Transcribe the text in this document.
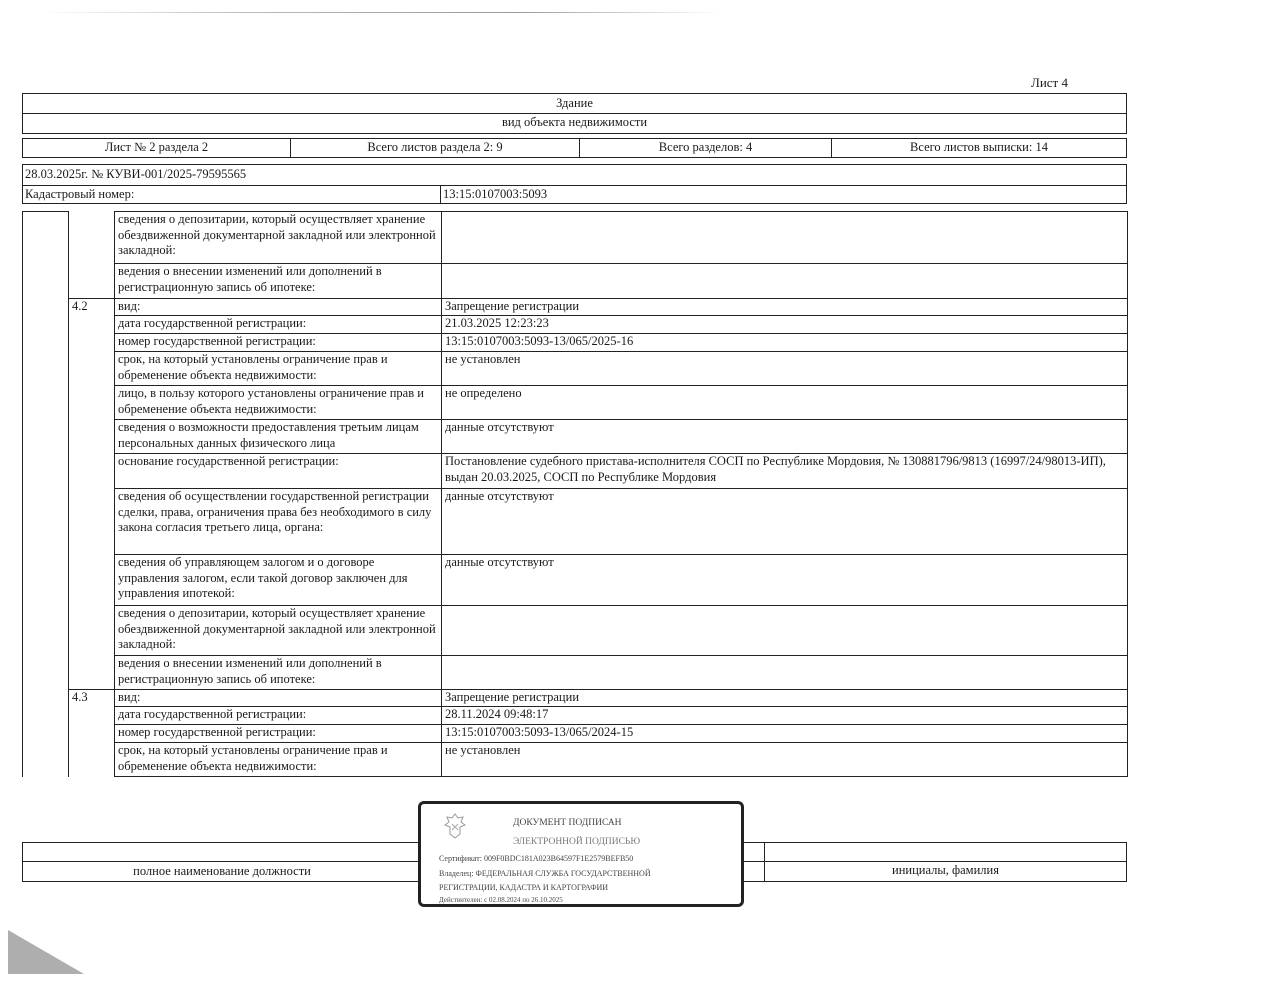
Лист 4
Здание
вид объекта недвижимости
Лист № 2 раздела 2	Всего листов раздела 2: 9	Всего разделов: 4	Всего листов выписки: 14
28.03.2025г. № КУВИ-001/2025-79595565
Кадастровый номер:	13:15:0107003:5093
		сведения о депозитарии, который осуществляет хранение обездвиженной документарной закладной или электронной закладной:	
		ведения о внесении изменений или дополнений в регистрационную запись об ипотеке:	
	4.2	вид:	Запрещение регистрации
		дата государственной регистрации:	21.03.2025 12:23:23
		номер государственной регистрации:	13:15:0107003:5093-13/065/2025-16
		срок, на который установлены ограничение прав и обременение объекта недвижимости:	не установлен
		лицо, в пользу которого установлены ограничение прав и обременение объекта недвижимости:	не определено
		сведения о возможности предоставления третьим лицам персональных данных физического лица	данные отсутствуют
		основание государственной регистрации:	Постановление судебного пристава-исполнителя СОСП по Республике Мордовия, № 130881796/9813 (16997/24/98013-ИП), выдан 20.03.2025, СОСП по Республике Мордовия
		сведения об осуществлении государственной регистрации сделки, права, ограничения права без необходимого в силу закона согласия третьего лица, органа:	данные отсутствуют
		сведения об управляющем залогом и о договоре управления залогом, если такой договор заключен для управления ипотекой:	данные отсутствуют
		сведения о депозитарии, который осуществляет хранение обездвиженной документарной закладной или электронной закладной:	
		ведения о внесении изменений или дополнений в регистрационную запись об ипотеке:	
	4.3	вид:	Запрещение регистрации
		дата государственной регистрации:	28.11.2024 09:48:17
		номер государственной регистрации:	13:15:0107003:5093-13/065/2024-15
		срок, на который установлены ограничение прав и обременение объекта недвижимости:	не установлен
полное наименование должности	инициалы, фамилия
ДОКУМЕНТ ПОДПИСАН
ЭЛЕКТРОННОЙ ПОДПИСЬЮ
Сертификат: 009F0BDC181A023B64597F1E2579BEFB50
Владелец: ФЕДЕРАЛЬНАЯ СЛУЖБА ГОСУДАРСТВЕННОЙ
РЕГИСТРАЦИИ, КАДАСТРА И КАРТОГРАФИИ
Действителен: с 02.08.2024 по 26.10.2025
